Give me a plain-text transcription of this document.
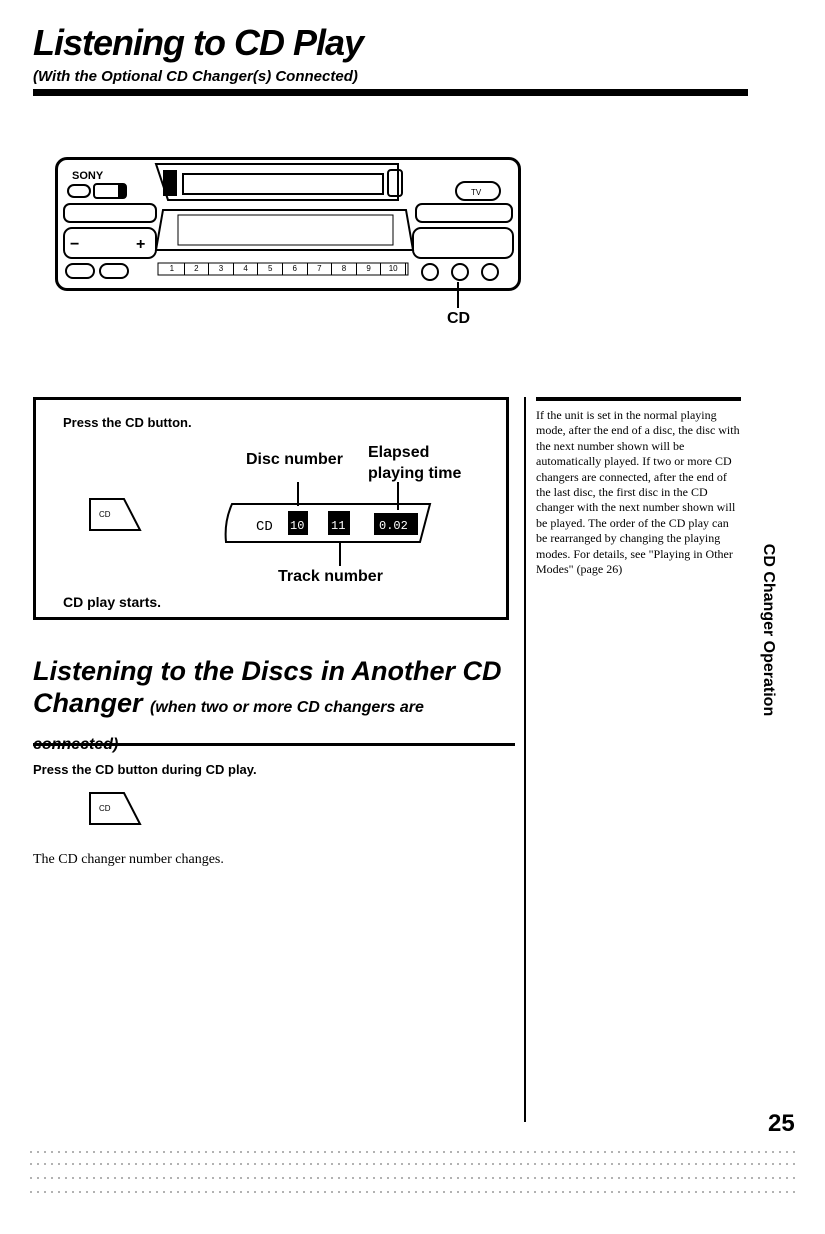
Listening to CD Play
(With the Optional CD Changer(s) Connected)
SONY
−	+
TV
1	2	3	4	5	6	7	8	9	10
CD
Press the CD button.
CD
Disc number Elapsed
playing time
CD 10 11	0.02
Track number
CD play starts.
Listening to the Discs in Another CD Changer (when two or more CD changers are
Press the CD button during CD play.
CD
The CD changer number changes.
If the unit is set in the normal playing mode, after the end of a disc, the disc with the next number shown will be automatically played. If two or more CD changers are connected, after the end of the last disc, the first disc in the CD changer with the next number shown will be played. The order of the CD play can be rearranged by changing the playing modes. For details, see "Playing in Other Modes" (page 26)	CD Changer Operation
25
